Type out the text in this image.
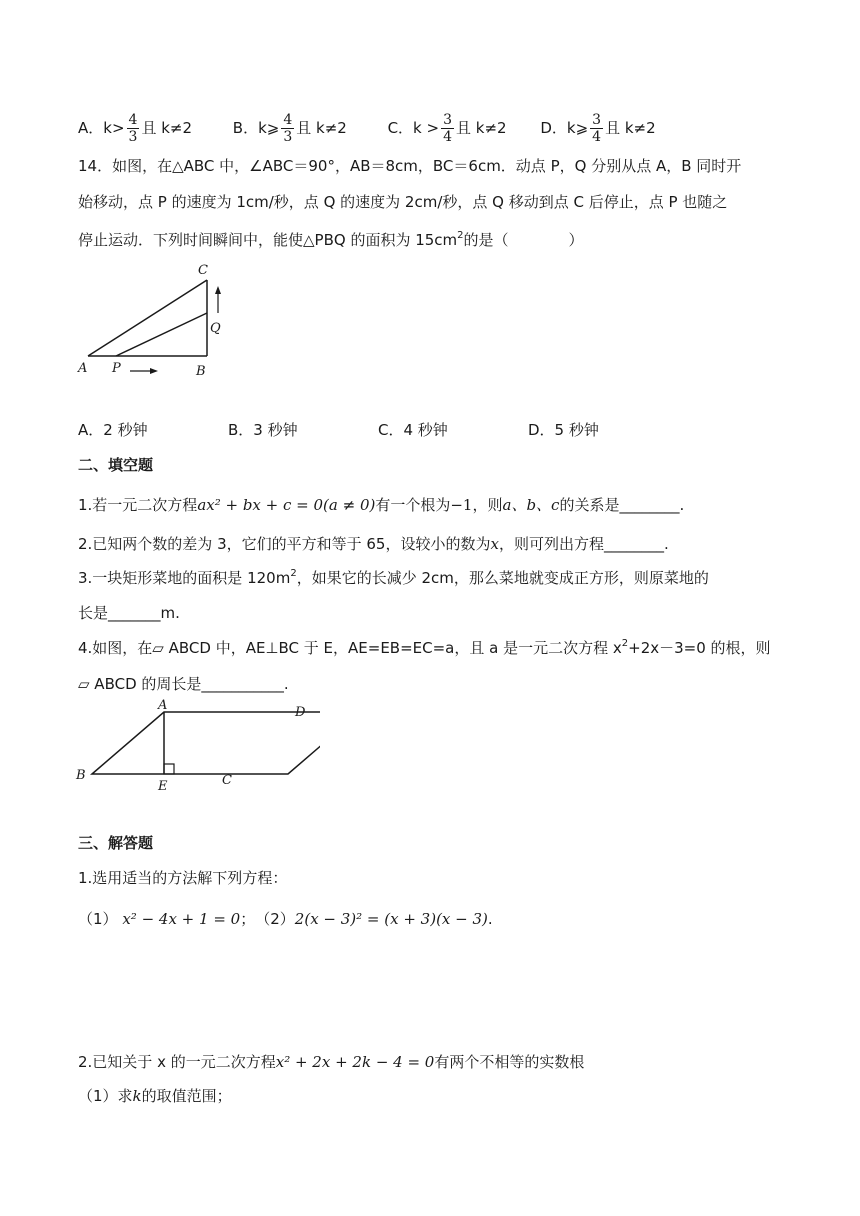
A．$k> \frac{4}{3}$ 且 k≠2	B．k⩾ $\frac{4}{3}$ 且 k≠2	C．$k > \frac{3}{4}$ 且 k≠2 D．k⩾ $\frac{3}{4}$ 且 k≠2
14．如图，在△ABC 中，∠ABC＝90°，AB＝8cm，BC＝6cm．动点 P，Q 分别从点 A，B 同时开
始移动，点 P 的速度为 1cm/秒，点 Q 的速度为 2cm/秒，点 Q 移动到点 C 后停止，点 P 也随之
停止运动．下列时间瞬间中，能使△PBQ 的面积为 $15cm^2$的是（　　　　）
A P	B
C
Q
A．2 秒钟	B．3 秒钟	C．4 秒钟	D．5 秒钟
二、填空题
1.若一元二次方程ax² + bx + c = 0(a ≠ 0)有一个根为−1，则a、b、c的关系是________.
2.已知两个数的差为 3，它们的平方和等于 65，设较小的数为x，则可列出方程________.
3.一块矩形菜地的面积是 $120m^2$，如果它的长减少 2cm，那么菜地就变成正方形，则原菜地的
长是_______m.
4.如图，在▱ ABCD 中，AE⊥BC 于 E，AE=EB=EC=a，且 a 是一元二次方程 $x^2+2x-3=0$ 的根，则
▱ ABCD 的周长是___________.
A	D
B
E	C
三、解答题
1.选用适当的方法解下列方程：
（1） x² − 4x + 1 = 0；　 （2）2(x − 3)² = (x + 3)(x − 3).
2.已知关于 x 的一元二次方程x² + 2x + 2k − 4 = 0有两个不相等的实数根
（1）求k的取值范围；
